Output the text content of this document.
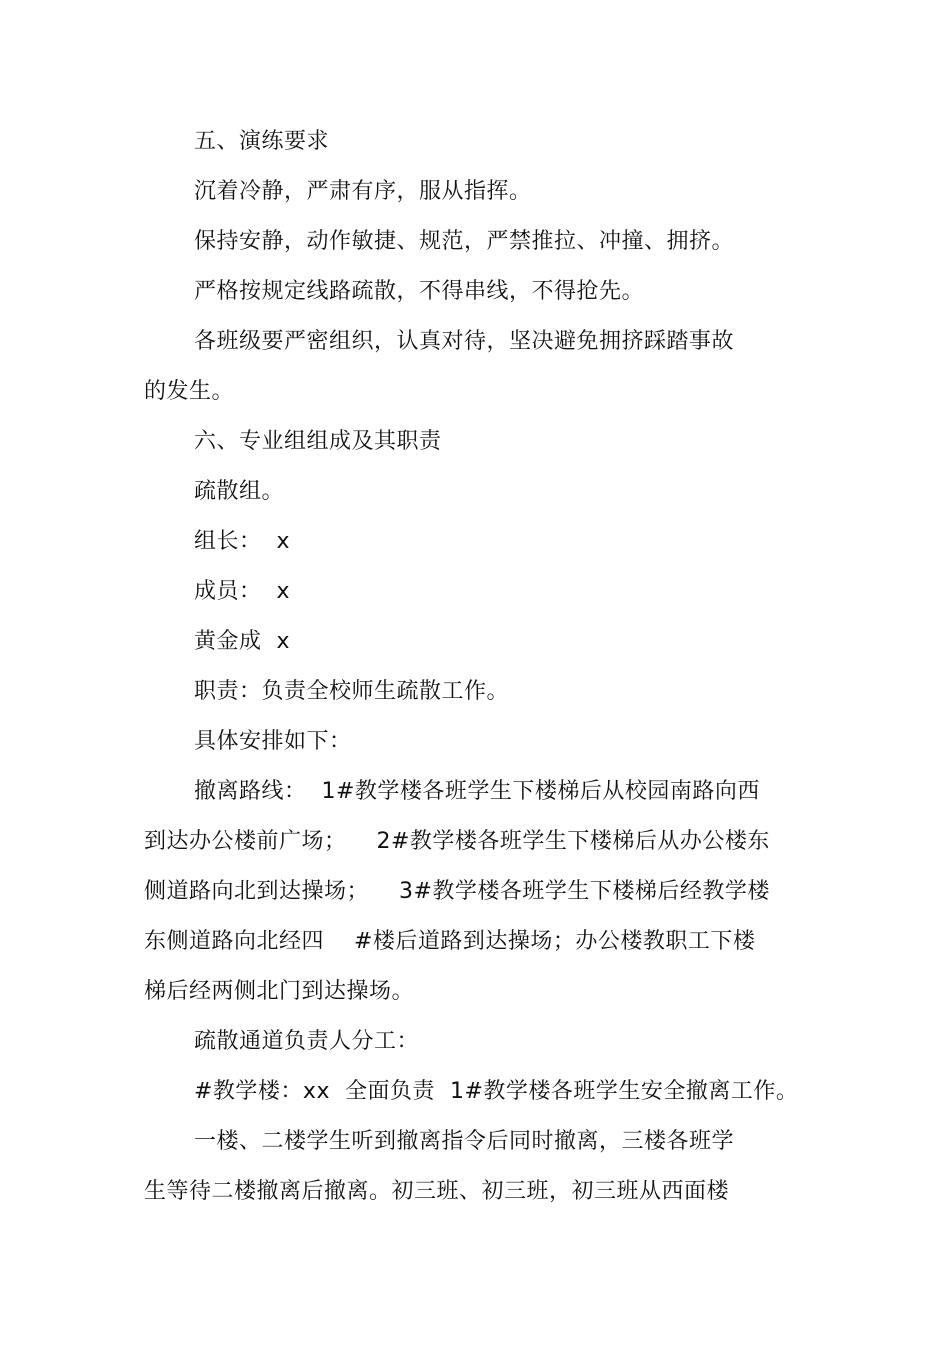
五、演练要求
沉着冷静，严肃有序，服从指挥。
保持安静，动作敏捷、规范，严禁推拉、冲撞、拥挤。
严格按规定线路疏散，不得串线，不得抢先。
各班级要严密组织，认真对待，坚决避免拥挤踩踏事故
的发生。
六、专业组组成及其职责
疏散组。
组长：  x
成员：  x
黄金成  x
职责：负责全校师生疏散工作。
具体安排如下：
撤离路线：  1#教学楼各班学生下楼梯后从校园南路向西
到达办公楼前广场；    2#教学楼各班学生下楼梯后从办公楼东
侧道路向北到达操场；    3#教学楼各班学生下楼梯后经教学楼
东侧道路向北经四    #楼后道路到达操场；办公楼教职工下楼
梯后经两侧北门到达操场。
疏散通道负责人分工：
#教学楼：xx  全面负责  1#教学楼各班学生安全撤离工作。
一楼、二楼学生听到撤离指令后同时撤离，三楼各班学
生等待二楼撤离后撤离。初三班、初三班，初三班从西面楼
